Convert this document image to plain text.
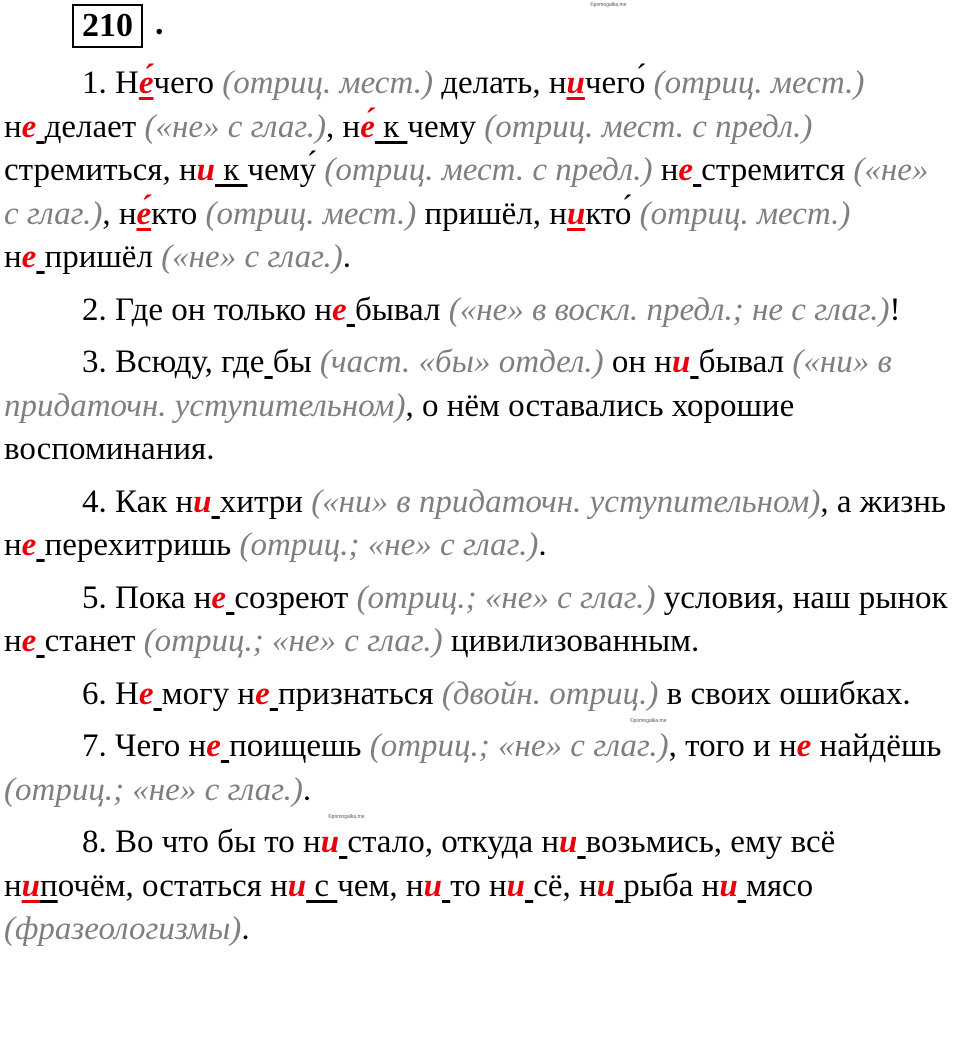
210 .	©pomogalka.me
©pomogalka.me
©pomogalka.me

1. Не́чего (отриц. мест.) делать, ничего́ (отриц. мест.) не делает («не» с глаг.), не́ к чему (отриц. мест. с предл.) стремиться, ни к чему́ (отриц. мест. с предл.) не стремится («не» с глаг.), не́кто (отриц. мест.) пришёл, никто́ (отриц. мест.) не пришёл («не» с глаг.).

2. Где он только не бывал («не» в воскл. предл.; не с глаг.)!

3. Всюду, где бы (част. «бы» отдел.) он ни бывал («ни» в придаточн. уступительном), о нём оставались хорошие воспоминания.

4. Как ни хитри («ни» в придаточн. уступительном), а жизнь не перехитришь (отриц.; «не» с глаг.).

5. Пока не созреют (отриц.; «не» с глаг.) условия, наш рынок не станет (отриц.; «не» с глаг.) цивилизованным.

6. Не могу не признаться (двойн. отриц.) в своих ошибках.

7. Чего не поищешь (отриц.; «не» с глаг.), того и не найдёшь (отриц.; «не» с глаг.).

8. Во что бы то ни стало, откуда ни возьмись, ему всё нипочём, остаться ни с чем, ни то ни сё, ни рыба ни мясо (фразеологизмы).
